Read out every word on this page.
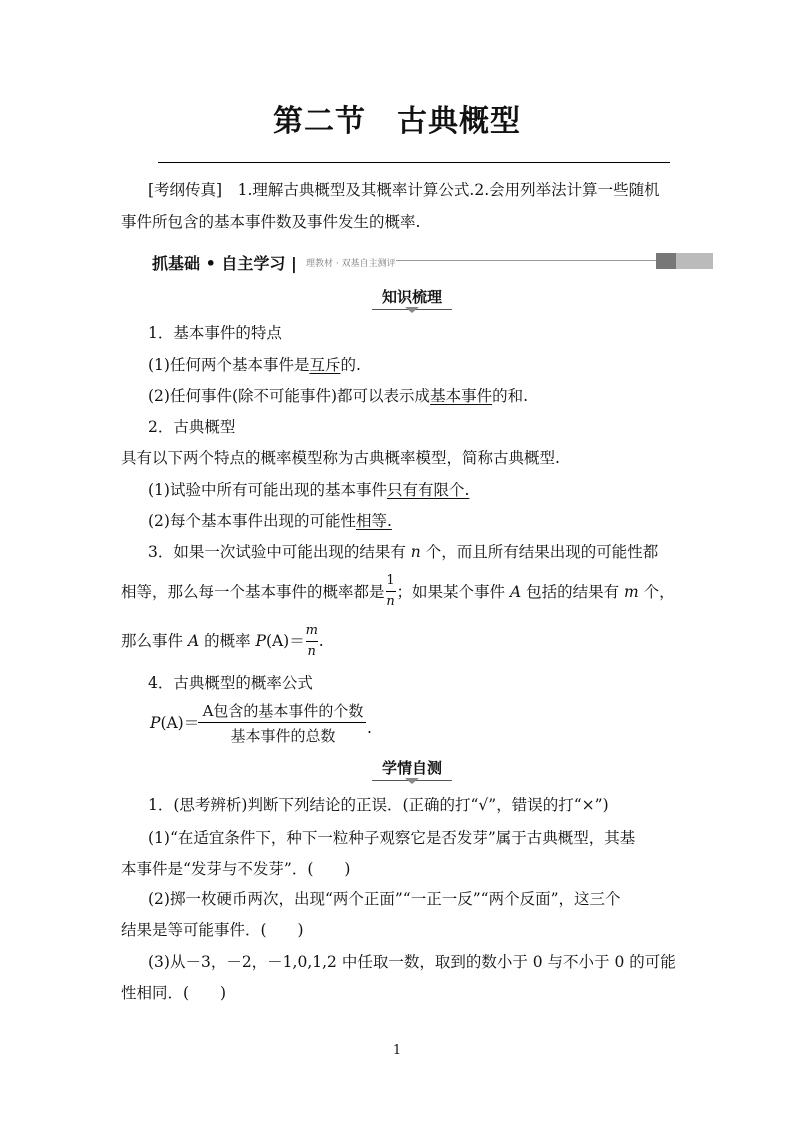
第二节　古典概型
[考纲传真]　1.理解古典概型及其概率计算公式.2.会用列举法计算一些随机
事件所包含的基本事件数及事件发生的概率.
抓基础 • 自主学习 | 理教材 · 双基自主测评
知识梳理
1．基本事件的特点
(1)任何两个基本事件是互斥的.
(2)任何事件(除不可能事件)都可以表示成基本事件的和.
2．古典概型
具有以下两个特点的概率模型称为古典概率模型，简称古典概型.
(1)试验中所有可能出现的基本事件只有有限个.
(2)每个基本事件出现的可能性相等.
3．如果一次试验中可能出现的结果有 n 个，而且所有结果出现的可能性都
相等，那么每一个基本事件的概率都是 $\frac{1}{n}$ ；如果某个事件 A 包括的结果有 m 个，
那么事件 A 的概率 $P(A)= \frac{m}{n}$ .
4．古典概型的概率公式
P(A)＝
A包含的基本事件的个数
基本事件的总数	.
学情自测
1．(思考辨析)判断下列结论的正误．(正确的打“√”，错误的打“×”)
(1)“在适宜条件下，种下一粒种子观察它是否发芽”属于古典概型，其基
本事件是“发芽与不发芽”．(　　)
(2)掷一枚硬币两次，出现“两个正面”“一正一反”“两个反面”，这三个
结果是等可能事件．(　　)
(3)从－3，－2，－1,0,1,2 中任取一数，取到的数小于 0 与不小于 0 的可能
性相同．(　　)
1
